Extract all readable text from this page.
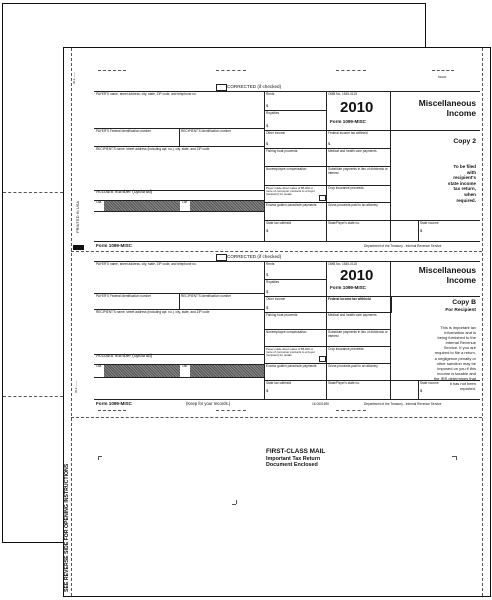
W-2 ——
PRINTED IN USA
W-2 ——
SEE REVERSE SIDE FOR OPENING INSTRUCTIONS
52020
CORRECTED (if checked)
PAYER'S name, street address, city, state, ZIP code, and telephone no.
PAYER'S Federal identification number	RECIPIENT'S identification number
RECIPIENT'S name, street address (including apt. no.), city, state, and ZIP code
Account number (optional)
15a	15b
Rents
$
Royalties
$
Other income
$
Federal income tax withheld
$
Fishing boat proceeds	Medical and health care payments
Nonemployee compensation	Substitute payments in lieu of dividends or interest
Payer made direct sales of $5,000 or more of consumer products to a buyer (recipient) for resale
Crop insurance proceeds
Excess golden parachute payments	Gross proceeds paid to an attorney
State tax withheld	State/Payer's state no.	State income
$	$
OMB No. 1545-0115
2010
Form 1099-MISC
Miscellaneous
Income
Copy 2
To be filed
with
recipient's
state income
tax return,
when
required.
Form 1099-MISC	Department of the Treasury - Internal Revenue Service
CORRECTED (if checked)
PAYER'S name, street address, city, state, ZIP code, and telephone no.
PAYER'S Federal identification number	RECIPIENT'S identification number
RECIPIENT'S name, street address (including apt. no.), city, state, and ZIP code
Account number (optional)
15a	15b
Rents
$
Royalties
$
Other income
$
Federal income tax withheld
Fishing boat proceeds	Medical and health care payments
Nonemployee compensation	Substitute payments in lieu of dividends or interest
Payer made direct sales of $5,000 or more of consumer products to a buyer (recipient) for resale
Crop insurance proceeds
Excess golden parachute payments	Gross proceeds paid to an attorney
State tax withheld	State/Payer's state no.	State income
$	$
OMB No. 1545-0115
2010
Form 1099-MISC
Miscellaneous
Income
Copy B
For Recipient
This is important tax
information and is
being furnished to the
Internal Revenue
Service. If you are
required to file a return,
a negligence penalty or
other sanction may be
imposed on you if this
income is taxable and
the IRS determines that
it has not been
reported.
Form 1099-MISC	(Keep for your records.)	16-0001690	Department of the Treasury - Internal Revenue Service
FIRST-CLASS MAIL
Important Tax Return
Document Enclosed
